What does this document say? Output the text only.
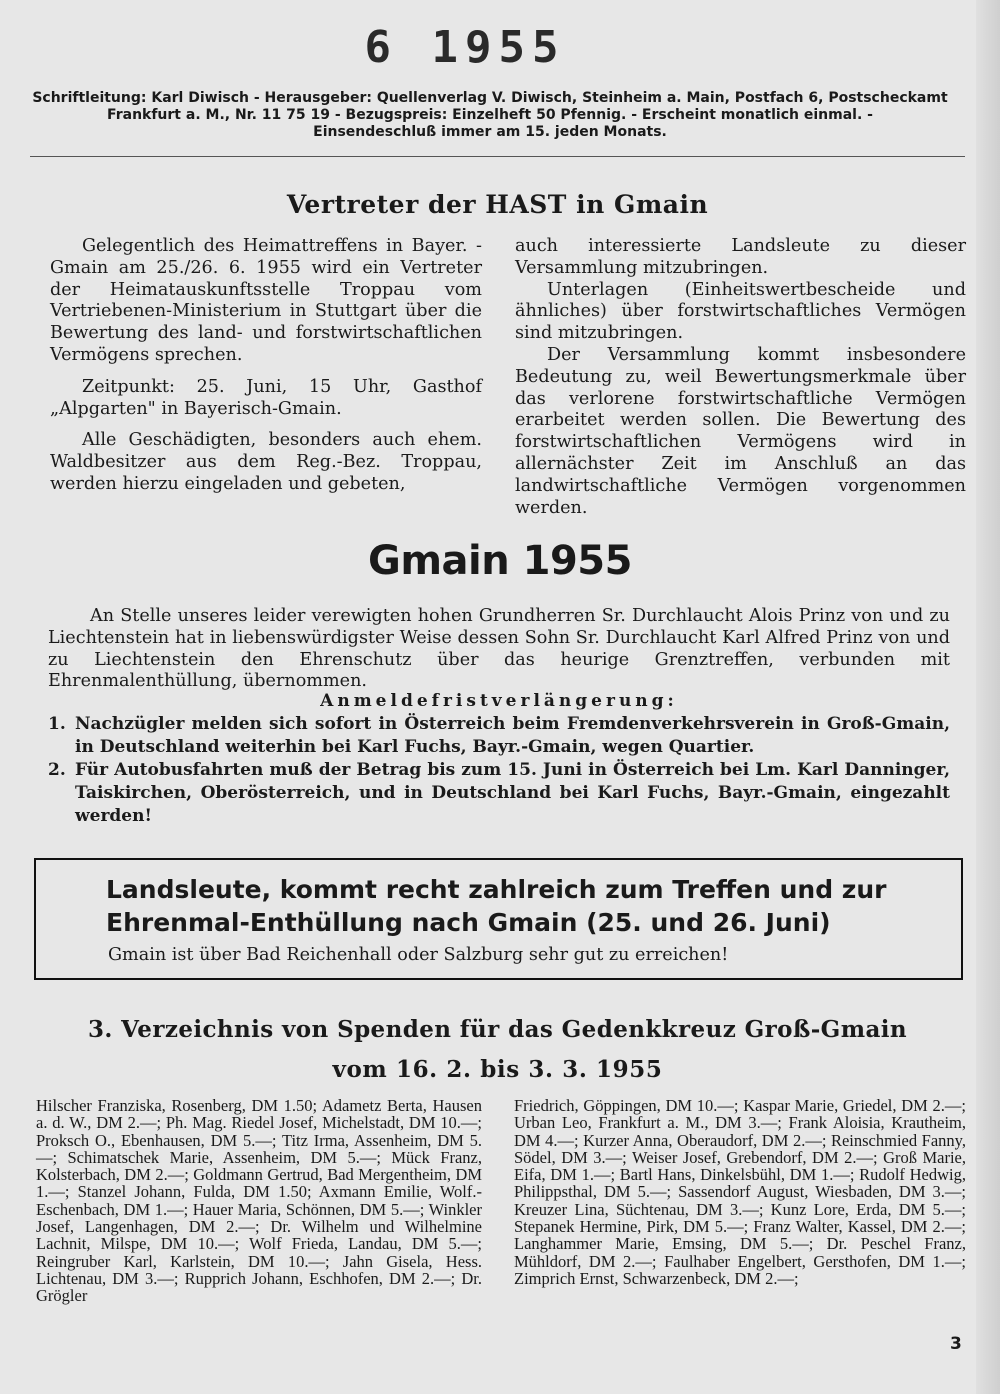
6 1955
Schriftleitung: Karl Diwisch - Herausgeber: Quellenverlag V. Diwisch, Steinheim a. Main, Postfach 6, Postscheckamt Frankfurt a. M., Nr. 11 75 19 - Bezugspreis: Einzelheft 50 Pfennig. - Erscheint monatlich einmal. -
Einsendeschluß immer am 15. jeden Monats.
Vertreter der HAST in Gmain

Gelegentlich des Heimattreffens in Bayer. - Gmain am 25./26. 6. 1955 wird ein Vertreter der Heimatauskunftsstelle Troppau vom Vertriebenen-Ministerium in Stuttgart über die Bewertung des land- und forstwirtschaftlichen Vermögens sprechen.

Zeitpunkt: 25. Juni, 15 Uhr, Gasthof „Alpgarten" in Bayerisch-Gmain.

Alle Geschädigten, besonders auch ehem. Waldbesitzer aus dem Reg.-Bez. Troppau, werden hierzu eingeladen und gebeten,

auch interessierte Landsleute zu dieser Versammlung mitzubringen.

Unterlagen (Einheitswertbescheide und ähnliches) über forstwirtschaftliches Vermögen sind mitzubringen.

Der Versammlung kommt insbesondere Bedeutung zu, weil Bewertungsmerkmale über das verlorene forstwirtschaftliche Vermögen erarbeitet werden sollen. Die Bewertung des forstwirtschaftlichen Vermögens wird in allernächster Zeit im Anschluß an das landwirtschaftliche Vermögen vorgenommen werden.

Gmain 1955
An Stelle unseres leider verewigten hohen Grundherren Sr. Durchlaucht Alois Prinz von und zu Liechtenstein hat in liebenswürdigster Weise dessen Sohn Sr. Durchlaucht Karl Alfred Prinz von und zu Liechtenstein den Ehrenschutz über das heurige Grenztreffen, verbunden mit Ehrenmalenthüllung, übernommen.
Anmeldefristverlängerung:
1. Nachzügler melden sich sofort in Österreich beim Fremdenverkehrsverein in Groß-Gmain, in Deutschland weiterhin bei Karl Fuchs, Bayr.-Gmain, wegen Quartier.
2. Für Autobusfahrten muß der Betrag bis zum 15. Juni in Österreich bei Lm. Karl Danninger, Taiskirchen, Oberösterreich, und in Deutschland bei Karl Fuchs, Bayr.-Gmain, eingezahlt werden!
Landsleute, kommt recht zahlreich zum Treffen und zur
Ehrenmal-Enthüllung nach Gmain (25. und 26. Juni)
Gmain ist über Bad Reichenhall oder Salzburg sehr gut zu erreichen!
3. Verzeichnis von Spenden für das Gedenkkreuz Groß-Gmain
vom 16. 2. bis 3. 3. 1955
Hilscher Franziska, Rosenberg, DM 1.50; Adametz Berta, Hausen a. d. W., DM 2.—; Ph. Mag. Riedel Josef, Michelstadt, DM 10.—; Proksch O., Ebenhausen, DM 5.—; Titz Irma, Assenheim, DM 5.—; Schimatschek Marie, Assenheim, DM 5.—; Mück Franz, Kolsterbach, DM 2.—; Goldmann Gertrud, Bad Mergentheim, DM 1.—; Stanzel Johann, Fulda, DM 1.50; Axmann Emilie, Wolf.-Eschenbach, DM 1.—; Hauer Maria, Schönnen, DM 5.—; Winkler Josef, Langenhagen, DM 2.—; Dr. Wilhelm und Wilhelmine Lachnit, Milspe, DM 10.—; Wolf Frieda, Landau, DM 5.—; Reingruber Karl, Karlstein, DM 10.—; Jahn Gisela, Hess. Lichtenau, DM 3.—; Rupprich Johann, Eschhofen, DM 2.—; Dr. Grögler
Friedrich, Göppingen, DM 10.—; Kaspar Marie, Griedel, DM 2.—; Urban Leo, Frankfurt a. M., DM 3.—; Frank Aloisia, Krautheim, DM 4.—; Kurzer Anna, Oberaudorf, DM 2.—; Reinschmied Fanny, Södel, DM 3.—; Weiser Josef, Grebendorf, DM 2.—; Groß Marie, Eifa, DM 1.—; Bartl Hans, Dinkelsbühl, DM 1.—; Rudolf Hedwig, Philippsthal, DM 5.—; Sassendorf August, Wiesbaden, DM 3.—; Kreuzer Lina, Süchtenau, DM 3.—; Kunz Lore, Erda, DM 5.—; Stepanek Hermine, Pirk, DM 5.—; Franz Walter, Kassel, DM 2.—; Langhammer Marie, Emsing, DM 5.—; Dr. Peschel Franz, Mühldorf, DM 2.—; Faulhaber Engelbert, Gersthofen, DM 1.—; Zimprich Ernst, Schwarzenbeck, DM 2.—;
3
